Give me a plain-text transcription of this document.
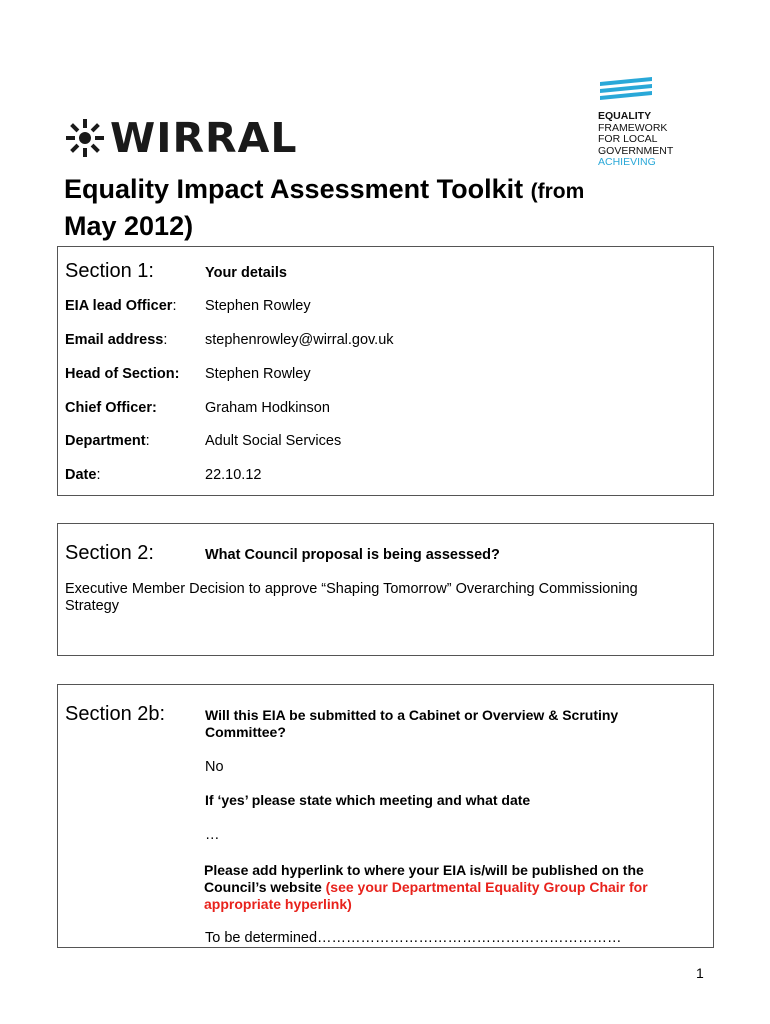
WIRRAL	EQUALITY
FRAMEWORK
FOR LOCAL
GOVERNMENT
ACHIEVING
Equality Impact Assessment Toolkit (from
May 2012)
Section 1:	Your details
EIA lead Officer: Stephen Rowley
Email address:	stephenrowley@wirral.gov.uk
Head of Section: Stephen Rowley
Chief Officer:	Graham Hodkinson
Department:	Adult Social Services
Date:	22.10.12
Section 2:	What Council proposal is being assessed?
Executive Member Decision to approve “Shaping Tomorrow” Overarching Commissioning Strategy
Section 2b:	Will this EIA be submitted to a Cabinet or Overview & Scrutiny
Committee?
No
If ‘yes’ please state which meeting and what date
…
Please add hyperlink to where your EIA is/will be published on the
Council’s website (see your Departmental Equality Group Chair for
appropriate hyperlink)
To be determined………………………………………………………
1
